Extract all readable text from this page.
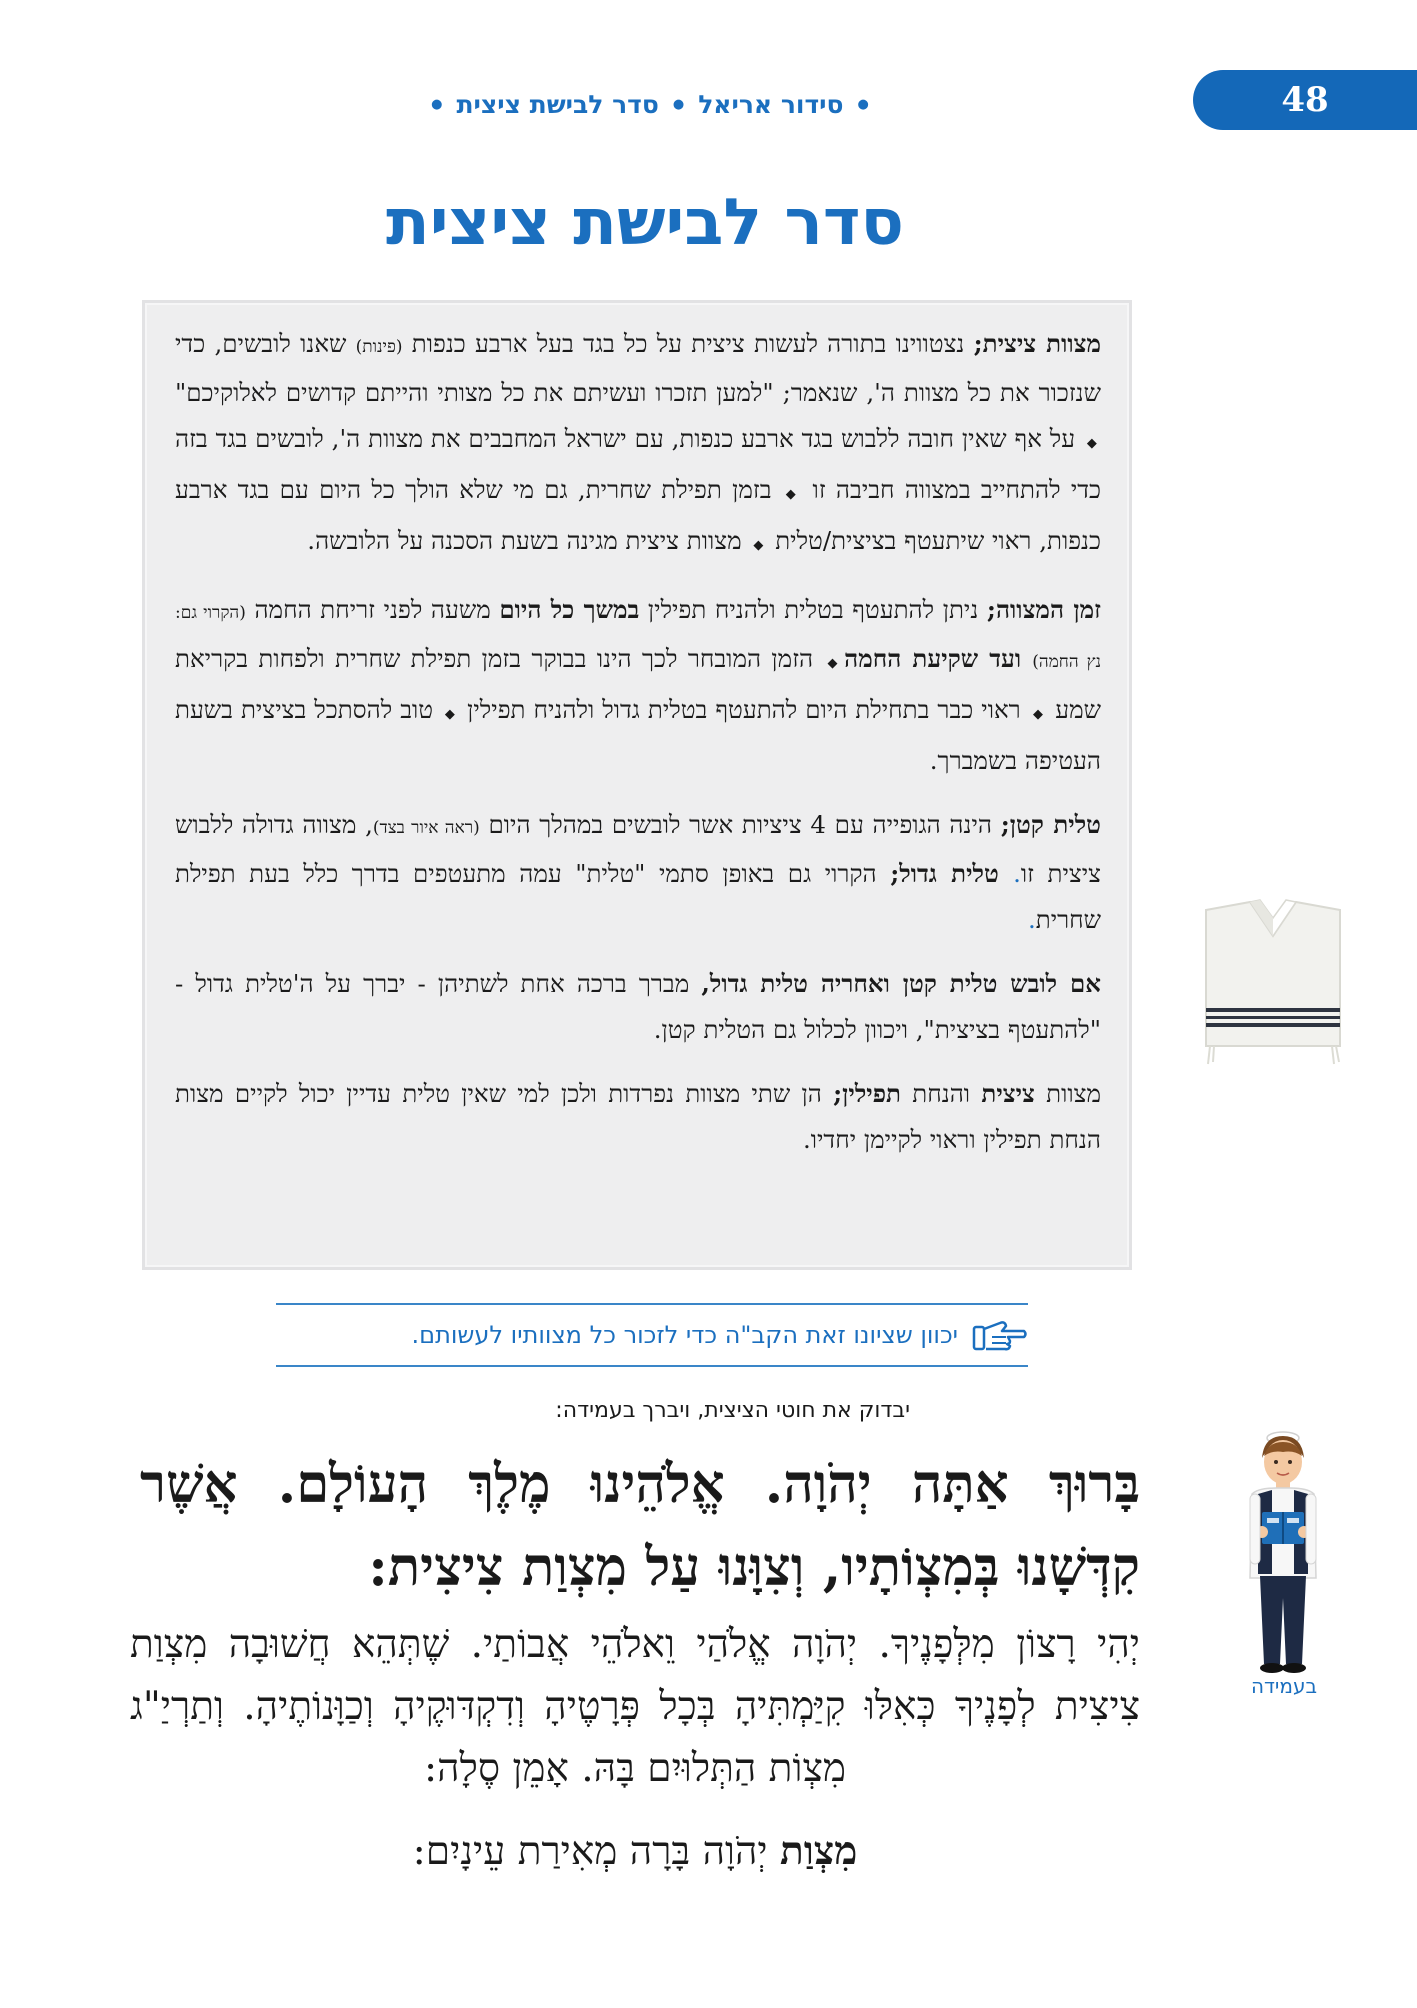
●
סידור אריאל
●
סדר לבישת ציצית
●	48
סדר לבישת ציצית

מצוות ציצית; נצטווינו בתורה לעשות ציצית על כל בגד בעל ארבע כנפות (פינות) שאנו לובשים, כדי שנזכור את כל מצוות ה', שנאמר; "למען תזכרו ועשיתם את כל מצותי והייתם קדושים לאלוקיכם" ◆ על אף שאין חובה ללבוש בגד ארבע כנפות, עם ישראל המחבבים את מצוות ה', לובשים בגד בזה כדי להתחייב במצווה חביבה זו ◆ בזמן תפילת שחרית, גם מי שלא הולך כל היום עם בגד ארבע כנפות, ראוי שיתעטף בציצית/טלית ◆ מצוות ציצית מגינה בשעת הסכנה על הלובשה.

זמן המצווה; ניתן להתעטף בטלית ולהניח תפילין במשך כל היום משעה לפני זריחת החמה (הקרוי גם: נץ החמה) ועד שקיעת החמה◆ הזמן המובחר לכך הינו בבוקר בזמן תפילת שחרית ולפחות בקריאת שמע ◆ ראוי כבר בתחילת היום להתעטף בטלית גדול ולהניח תפילין ◆ טוב להסתכל בציצית בשעת העטיפה בשמברך.

טלית קטן; הינה הגופייה עם 4 ציציות אשר לובשים במהלך היום (ראה איור בצד), מצווה גדולה ללבוש ציצית זו. טלית גדול; הקרוי גם באופן סתמי "טלית" עמה מתעטפים בדרך כלל בעת תפילת שחרית.

אם לובש טלית קטן ואחריה טלית גדול, מברך ברכה אחת לשתיהן - יברך על ה'טלית גדול - "להתעטף בציצית", ויכוון לכלול גם הטלית קטן.

מצוות ציצית והנחת תפילין; הן שתי מצוות נפרדות ולכן למי שאין טלית עדיין יכול לקיים מצות הנחת תפילין וראוי לקיימן יחדיו.

יכוון שציונו זאת הקב"ה כדי לזכור כל מצוותיו לעשותם.
יבדוק את חוטי הציצית, ויברך בעמידה:

בָּרוּךְ אַתָּה יְהֹוָה. אֱלֹהֵינוּ מֶלֶךְ הָעוֹלָם. אֲשֶׁר קִדְּשָׁנוּ בְּמִצְוֹתָיו, וְצִוָּנוּ עַל מִצְוַת צִיצִית:

יְהִי רָצוֹן מִלְּפָנֶיךָ. יְהֹוָה אֱלֹהַי וֵאלֹהֵי אֲבוֹתַי. שֶׁתְּהֵא חֲשׁוּבָה מִצְוַת צִיצִית לְפָנֶיךָ כְּאִלּוּ קִיַּמְתִּיהָ בְּכָל פְּרָטֶיהָ וְדִקְדּוּקֶיהָ וְכַוָּנוֹתֶיהָ. וְתַרְיַ"ג מִצְוֹת הַתְּלוּיִם בָּהּ. אָמֵן סֶלָה:

מִצְוַת יְהֹוָה בָּרָה מְאִירַת עֵינָיִם:

בעמידה
